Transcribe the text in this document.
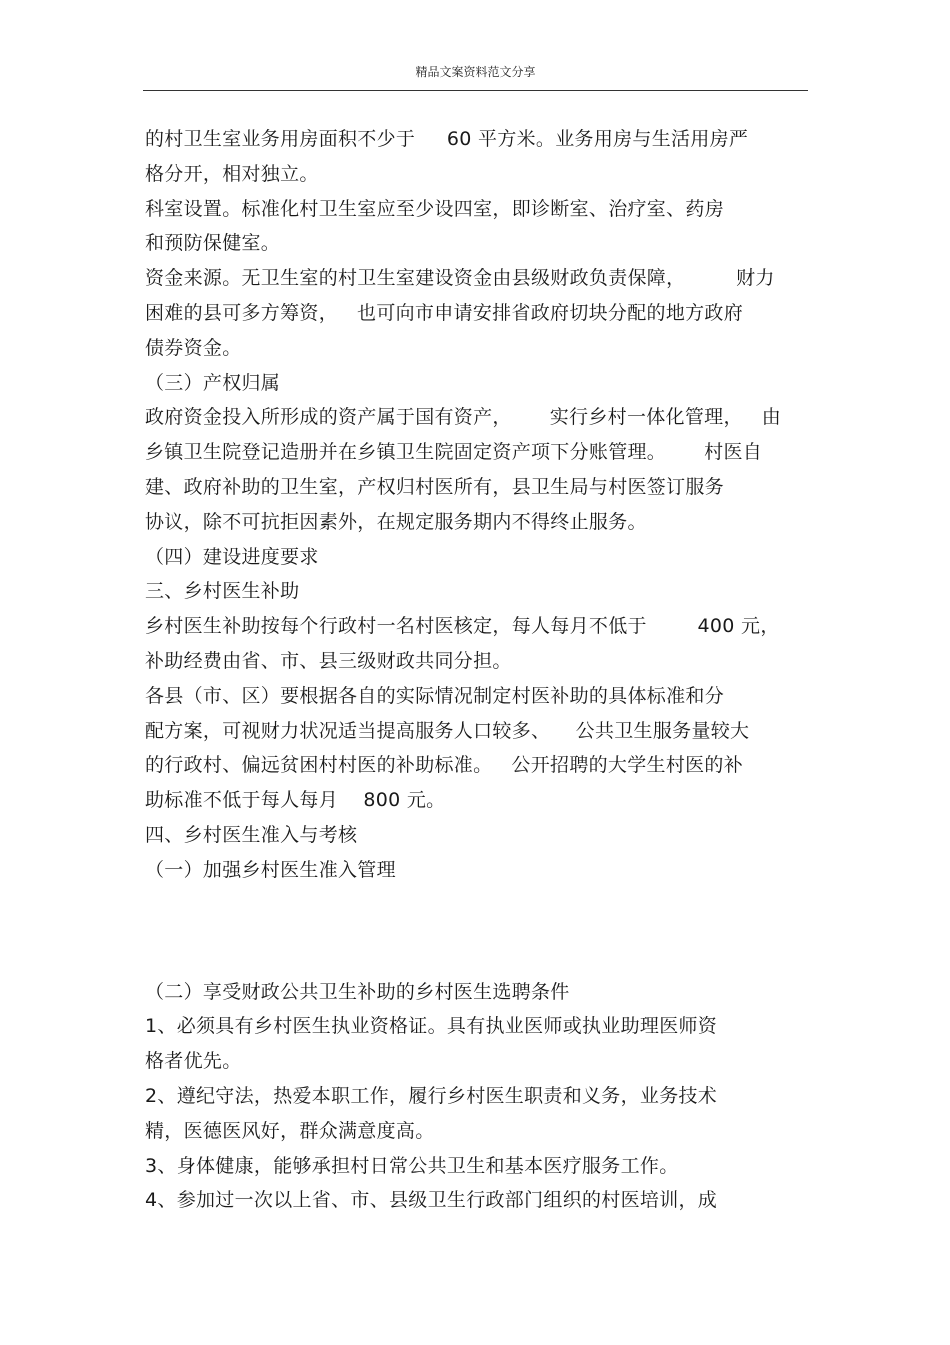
精品文案资料范文分享
的村卫生室业务用房面积不少于     60 平方米。业务用房与生活用房严
格分开，相对独立。
科室设置。标准化村卫生室应至少设四室，即诊断室、治疗室、药房
和预防保健室。
资金来源。无卫生室的村卫生室建设资金由县级财政负责保障，        财力
困难的县可多方筹资，   也可向市申请安排省政府切块分配的地方政府
债券资金。
（三）产权归属
政府资金投入所形成的资产属于国有资产，      实行乡村一体化管理，   由
乡镇卫生院登记造册并在乡镇卫生院固定资产项下分账管理。      村医自
建、政府补助的卫生室，产权归村医所有，县卫生局与村医签订服务
协议，除不可抗拒因素外，在规定服务期内不得终止服务。
（四）建设进度要求
三、乡村医生补助
乡村医生补助按每个行政村一名村医核定，每人每月不低于        400 元，
补助经费由省、市、县三级财政共同分担。
各县（市、区）要根据各自的实际情况制定村医补助的具体标准和分
配方案，可视财力状况适当提高服务人口较多、    公共卫生服务量较大
的行政村、偏远贫困村村医的补助标准。   公开招聘的大学生村医的补
助标准不低于每人每月    800 元。
四、乡村医生准入与考核
（一）加强乡村医生准入管理
（二）享受财政公共卫生补助的乡村医生选聘条件
1、必须具有乡村医生执业资格证。具有执业医师或执业助理医师资
格者优先。
2、遵纪守法，热爱本职工作，履行乡村医生职责和义务，业务技术
精，医德医风好，群众满意度高。
3、身体健康，能够承担村日常公共卫生和基本医疗服务工作。
4、参加过一次以上省、市、县级卫生行政部门组织的村医培训，成
